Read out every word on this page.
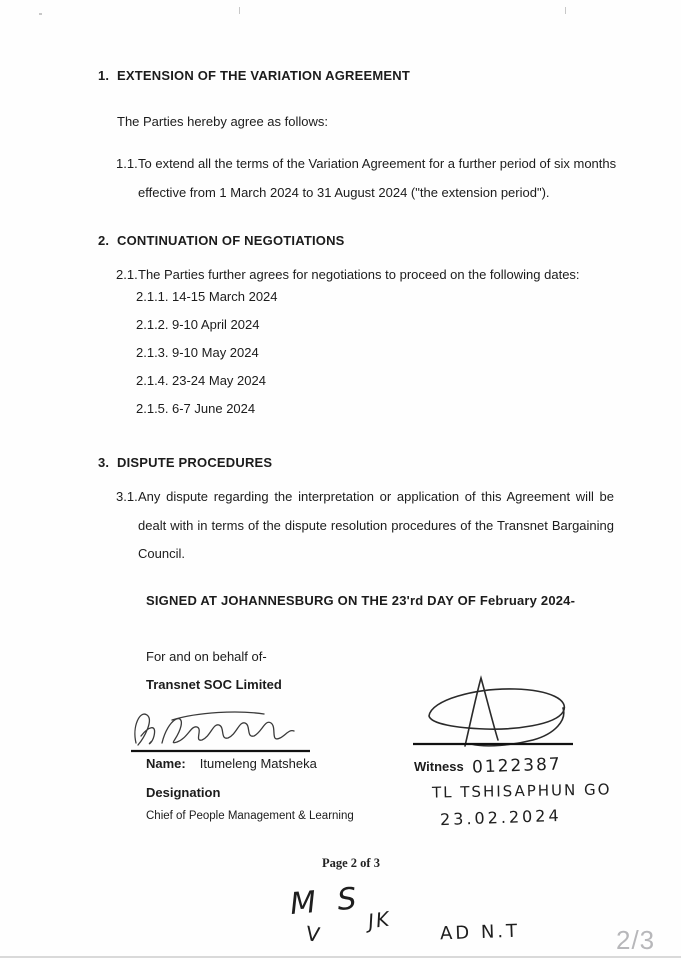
1. EXTENSION OF THE VARIATION AGREEMENT
The Parties hereby agree as follows:
1.1. To extend all the terms of the Variation Agreement for a further period of six months effective from 1 March 2024 to 31 August 2024 ("the extension period").
2. CONTINUATION OF NEGOTIATIONS
2.1. The Parties further agrees for negotiations to proceed on the following dates:
2.1.1. 14-15 March 2024
2.1.2. 9-10 April 2024
2.1.3. 9-10 May 2024
2.1.4. 23-24 May 2024
2.1.5. 6-7 June 2024
3. DISPUTE PROCEDURES
3.1. Any dispute regarding the interpretation or application of this Agreement will be dealt with in terms of the dispute resolution procedures of the Transnet Bargaining Council.
SIGNED AT JOHANNESBURG ON THE 23'rd DAY OF February 2024-
For and on behalf of-
Transnet SOC Limited
Name: Itumeleng Matsheka
Designation
Chief of People Management & Learning
Witness 0122387
TL TSHISAPHUN GO
23.02.2024
Page 2 of 3
M S
V
JK	AD N.T	2/3
